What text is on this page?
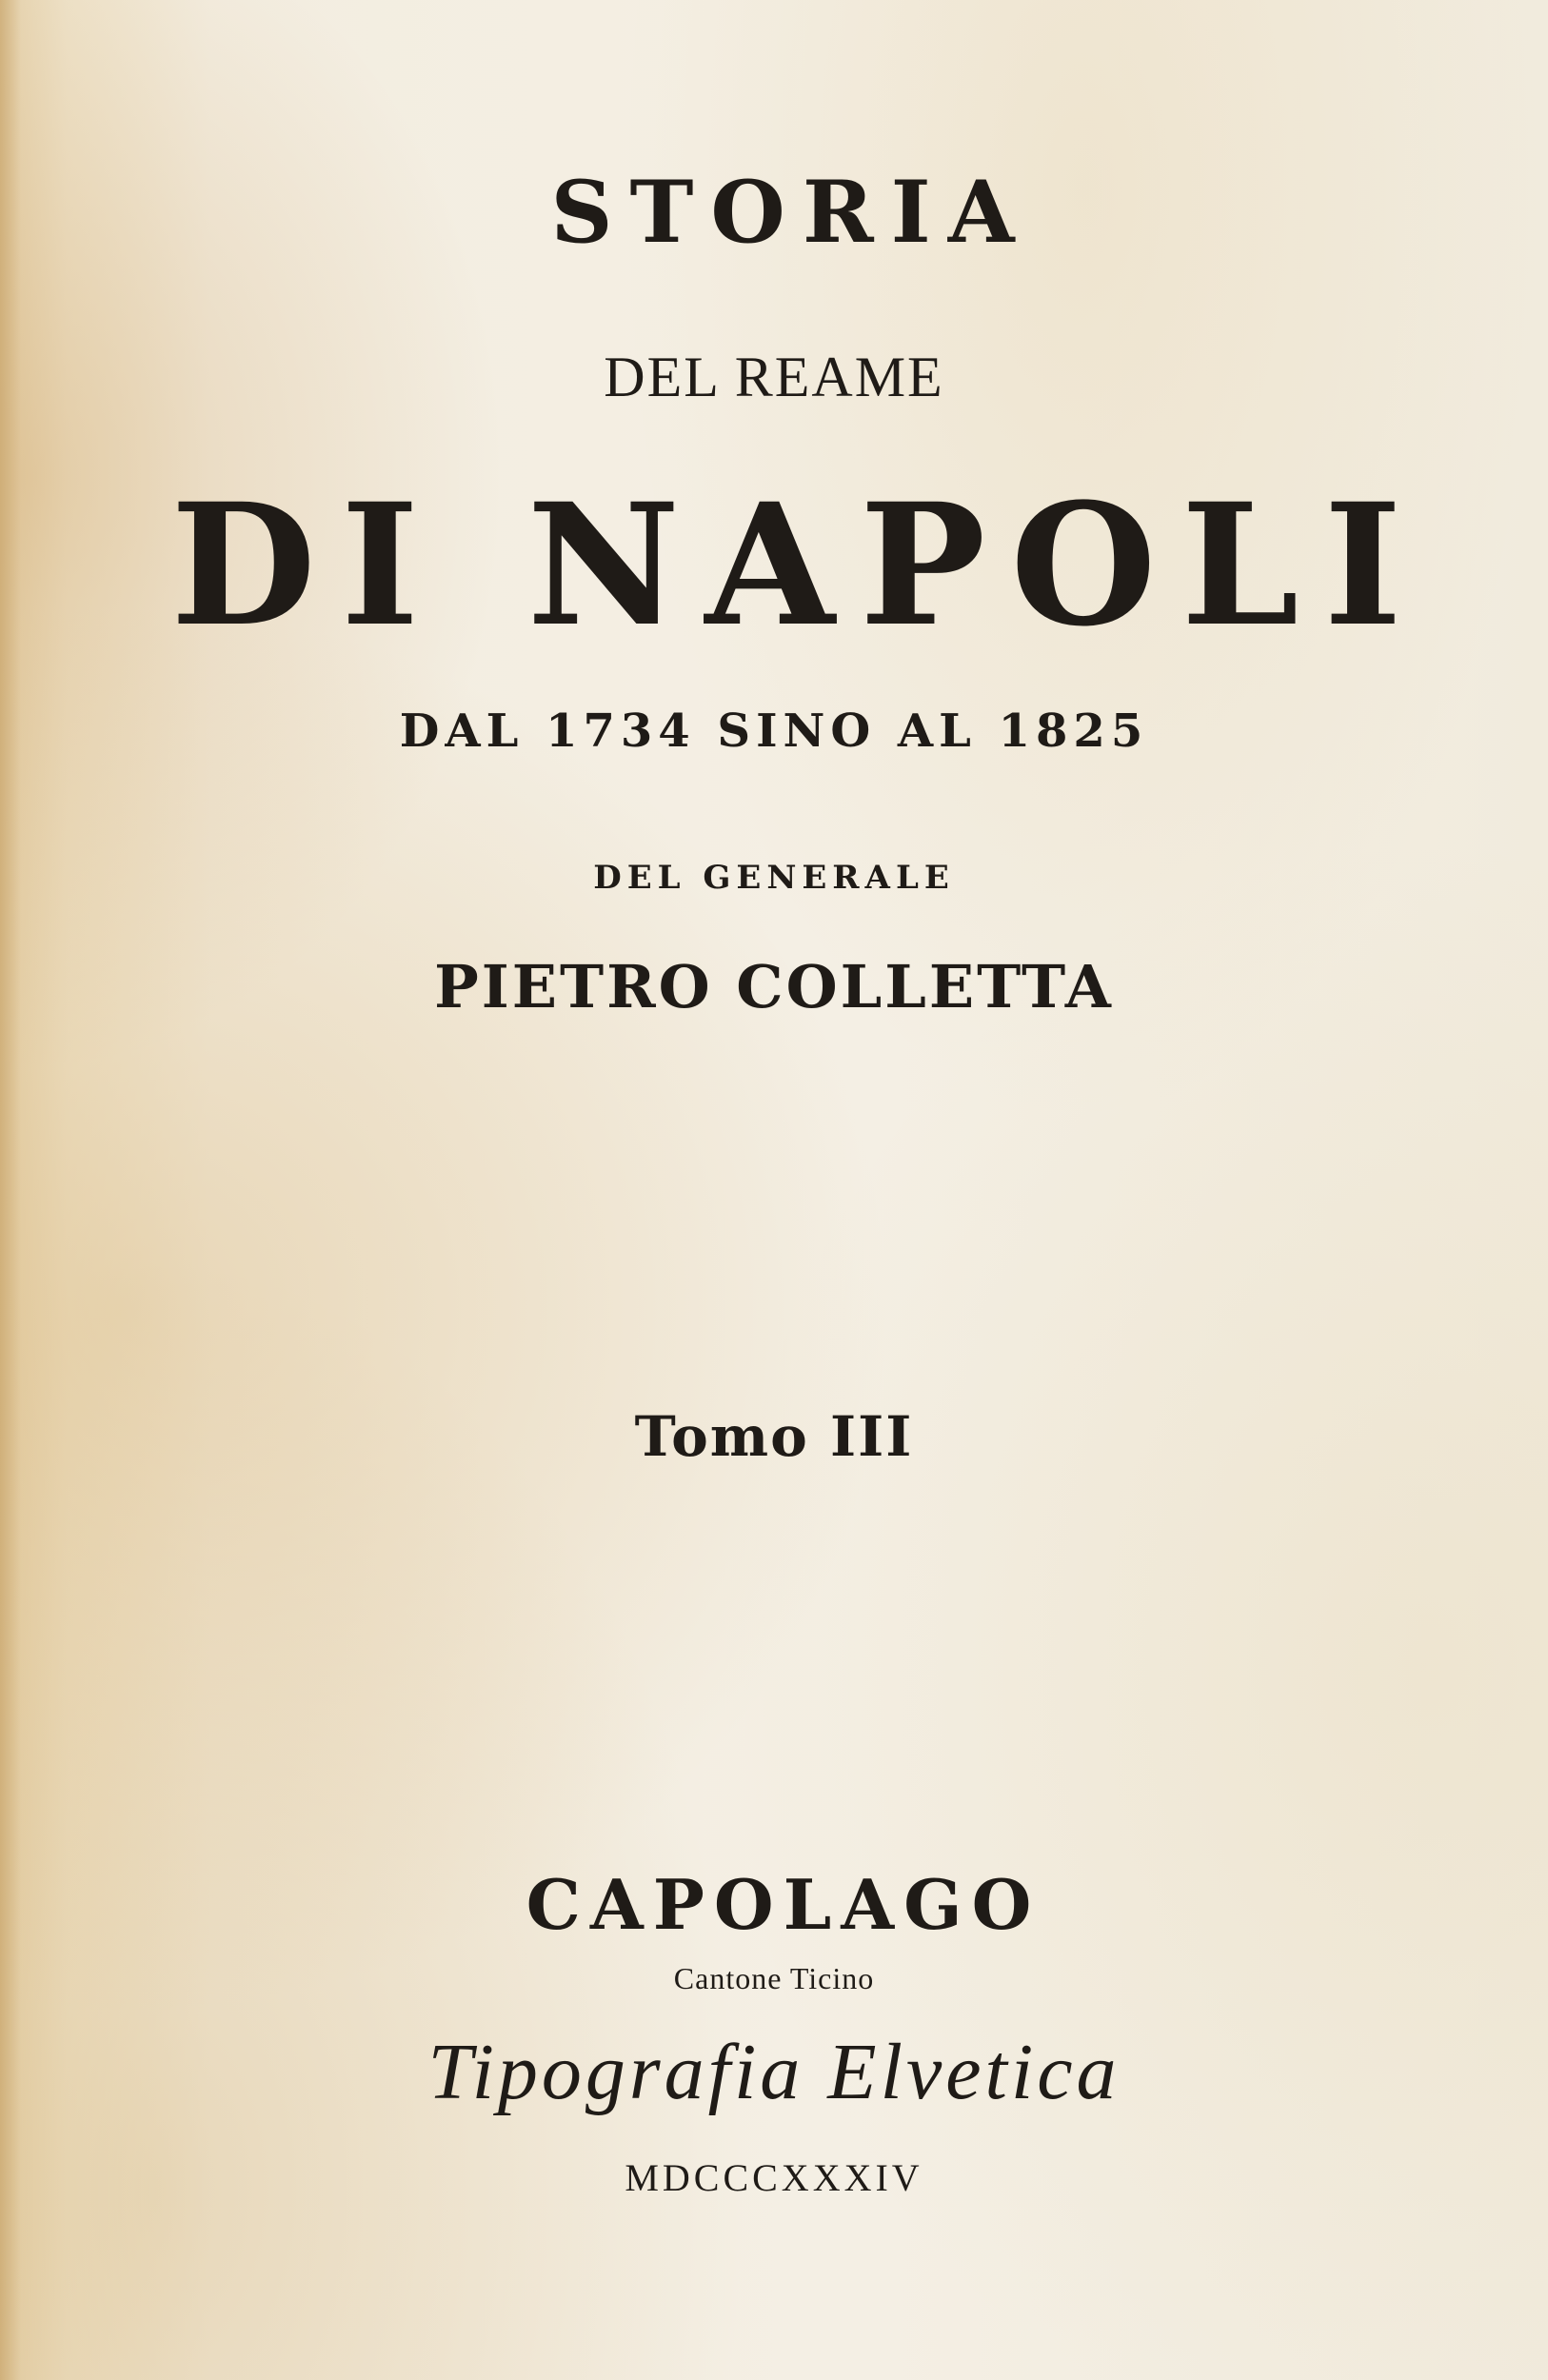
STORIA
DEL REAME
DI NAPOLI
DAL 1734 SINO AL 1825
DEL GENERALE
PIETRO COLLETTA
Tomo III
CAPOLAGO
Cantone Ticino
Tipografia Elvetica
MDCCCXXXIV
